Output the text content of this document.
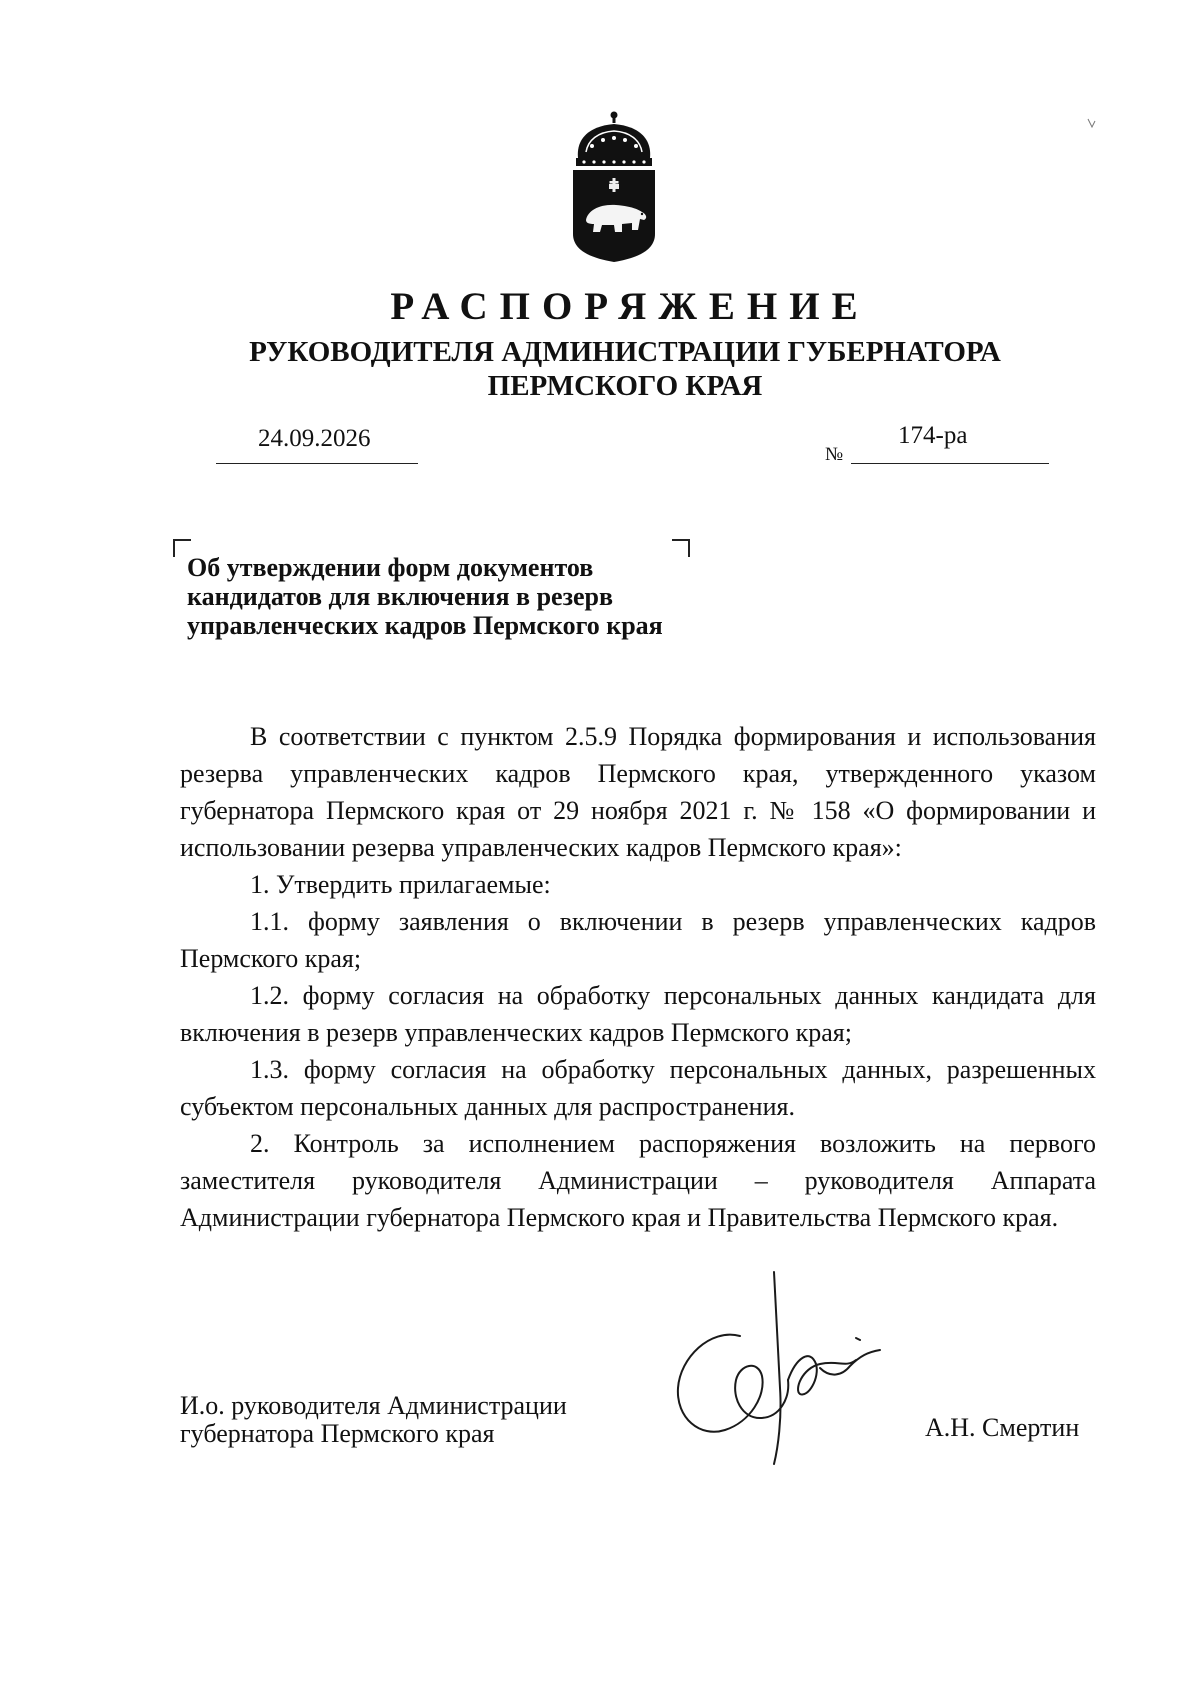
РАСПОРЯЖЕНИЕ
РУКОВОДИТЕЛЯ АДМИНИСТРАЦИИ ГУБЕРНАТОРА
ПЕРМСКОГО КРАЯ
24.09.2026
№
174-ра
Об утверждении форм документов
кандидатов для включения в резерв
управленческих кадров Пермского края

В соответствии с пунктом 2.5.9 Порядка формирования и использования резерва управленческих кадров Пермского края, утвержденного указом губернатора Пермского края от 29 ноября 2021 г. № 158 «О формировании и использовании резерва управленческих кадров Пермского края»:

1. Утвердить прилагаемые:

1.1. форму заявления о включении в резерв управленческих кадров Пермского края;

1.2. форму согласия на обработку персональных данных кандидата для включения в резерв управленческих кадров Пермского края;

1.3. форму согласия на обработку персональных данных, разрешенных субъектом персональных данных для распространения.

2. Контроль за исполнением распоряжения возложить на первого заместителя руководителя Администрации – руководителя Аппарата Администрации губернатора Пермского края и Правительства Пермского края.

И.о. руководителя Администрации
губернатора Пермского края	А.Н. Смертин
